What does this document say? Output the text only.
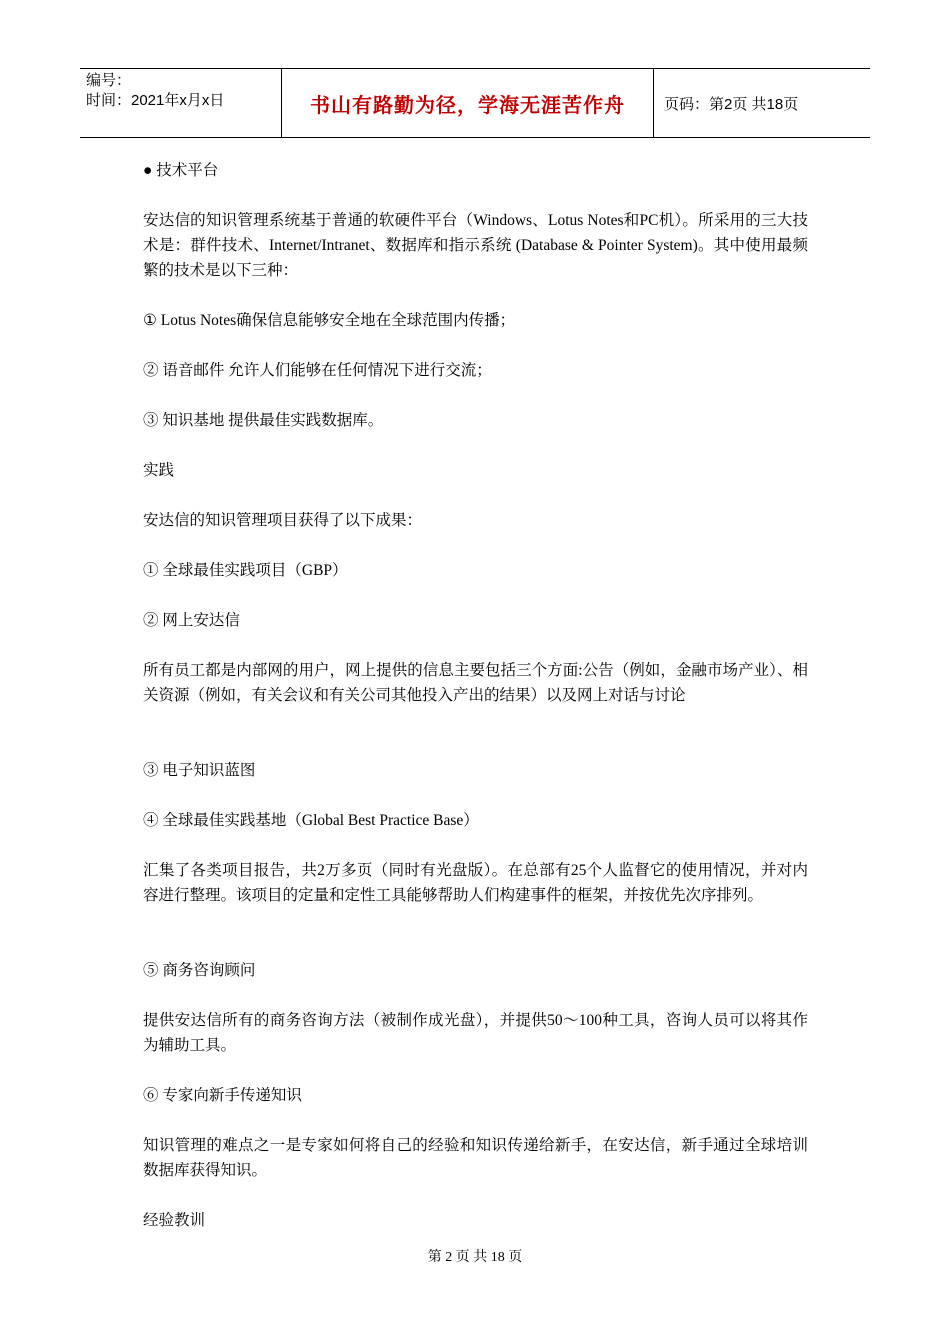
编号：
时间：2021年x月x日	书山有路勤为径，学海无涯苦作舟	页码：第2页 共18页

● 技术平台

安达信的知识管理系统基于普通的软硬件平台（Windows、Lotus Notes和PC机）。所采用的三大技术是：群件技术、Internet/Intranet、数据库和指示系统 (Database & Pointer System)。其中使用最频繁的技术是以下三种：

① Lotus Notes确保信息能够安全地在全球范围内传播；

② 语音邮件 允许人们能够在任何情况下进行交流；

③ 知识基地 提供最佳实践数据库。

实践

安达信的知识管理项目获得了以下成果：

① 全球最佳实践项目（GBP）

② 网上安达信

所有员工都是内部网的用户，网上提供的信息主要包括三个方面:公告（例如，金融市场产业）、相关资源（例如，有关会议和有关公司其他投入产出的结果）以及网上对话与讨论

③ 电子知识蓝图

④ 全球最佳实践基地（Global Best Practice Base）

汇集了各类项目报告，共2万多页（同时有光盘版）。在总部有25个人监督它的使用情况，并对内容进行整理。该项目的定量和定性工具能够帮助人们构建事件的框架，并按优先次序排列。

⑤ 商务咨询顾问

提供安达信所有的商务咨询方法（被制作成光盘），并提供50～100种工具，咨询人员可以将其作为辅助工具。

⑥ 专家向新手传递知识

知识管理的难点之一是专家如何将自己的经验和知识传递给新手，在安达信，新手通过全球培训数据库获得知识。

经验教训

第 2 页 共 18 页
